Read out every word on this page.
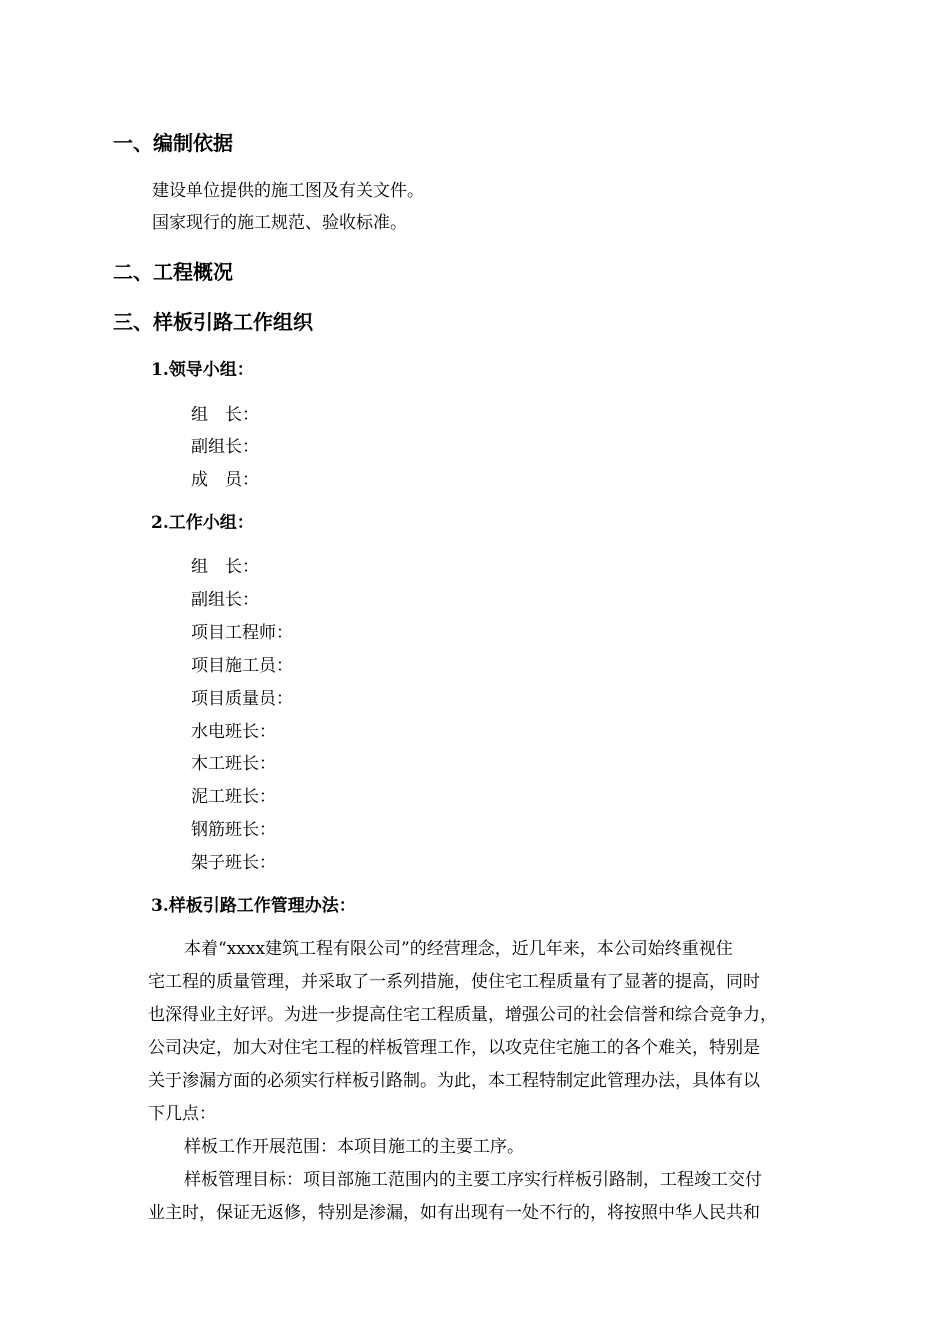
一、编制依据
建设单位提供的施工图及有关文件。
国家现行的施工规范、验收标准。
二、工程概况
三、样板引路工作组织
1.领导小组：
组　长：
副组长：
成　员：
2.工作小组：
组　长：
副组长：
项目工程师：
项目施工员：
项目质量员：
水电班长：
木工班长：
泥工班长：
钢筋班长：
架子班长：
3.样板引路工作管理办法：
本着“xxxx建筑工程有限公司”的经营理念，近几年来，本公司始终重视住
宅工程的质量管理，并采取了一系列措施，使住宅工程质量有了显著的提高，同时
也深得业主好评。为进一步提高住宅工程质量，增强公司的社会信誉和综合竞争力，
公司决定，加大对住宅工程的样板管理工作，以攻克住宅施工的各个难关，特别是
关于渗漏方面的必须实行样板引路制。为此，本工程特制定此管理办法，具体有以
下几点：
样板工作开展范围：本项目施工的主要工序。
样板管理目标：项目部施工范围内的主要工序实行样板引路制，工程竣工交付
业主时，保证无返修，特别是渗漏，如有出现有一处不行的，将按照中华人民共和
